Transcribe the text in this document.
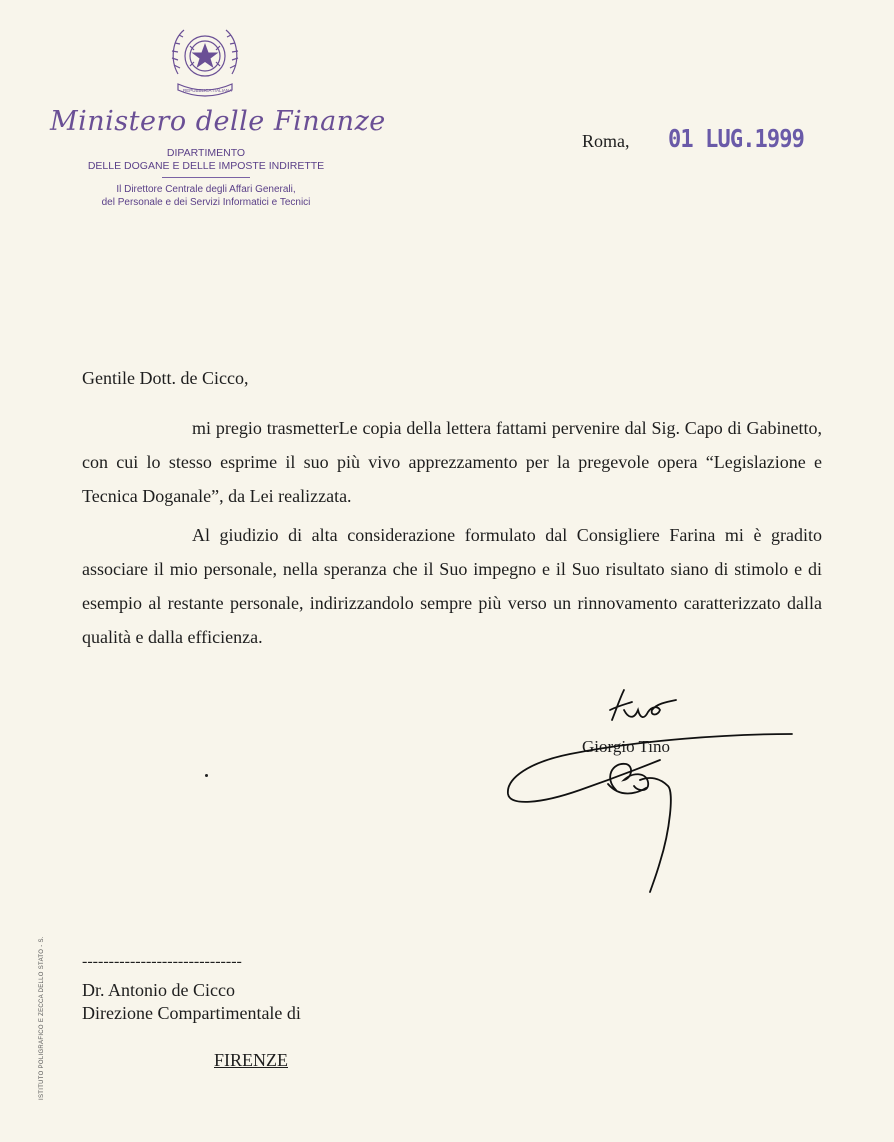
REPUBBLICA ITALIANA
Ministero delle Finanze
DIPARTIMENTO
DELLE DOGANE E DELLE IMPOSTE INDIRETTE
Il Direttore Centrale degli Affari Generali,
del Personale e dei Servizi Informatici e Tecnici
Roma, 01 LUG.1999
Gentile Dott. de Cicco,

mi pregio trasmetterLe copia della lettera fattami pervenire dal Sig. Capo di Gabinetto, con cui lo stesso esprime il suo più vivo apprezzamento per la pregevole opera “Legislazione e Tecnica Doganale”, da Lei realizzata.

Al giudizio di alta considerazione formulato dal Consigliere Farina mi è gradito associare il mio personale, nella speranza che il Suo impegno e il Suo risultato siano di stimolo e di esempio al restante personale, indirizzandolo sempre più verso un rinnovamento caratterizzato dalla qualità e dalla efficienza.

Giorgio Tino
ISTITUTO POLIGRAFICO E ZECCA DELLO STATO - S. ------------------------------
Dr. Antonio de Cicco
Direzione Compartimentale di
FIRENZE
